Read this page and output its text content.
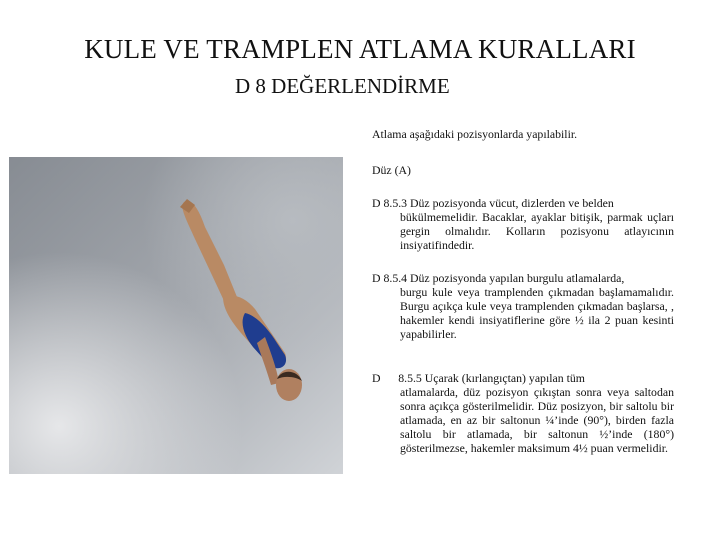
KULE VE TRAMPLEN ATLAMA KURALLARI
D 8 DEĞERLENDİRME
Atlama aşağıdaki pozisyonlarda yapılabilir.
Düz (A)
D 8.5.3 Düz pozisyonda vücut, dizlerden ve belden
bükülmemelidir. Bacaklar, ayaklar bitişik, parmak uçları gergin olmalıdır. Kolların pozisyonu atlayıcının insiyatifindedir.
D 8.5.4 Düz pozisyonda yapılan burgulu atlamalarda,
burgu kule veya tramplenden çıkmadan başlamamalıdır. Burgu açıkça kule veya tramplenden çıkmadan başlarsa, , hakemler kendi insiyatiflerine göre ½ ila 2 puan kesinti yapabilirler.
D 8.5.5 Uçarak (kırlangıçtan) yapılan tüm
atlamalarda, düz pozisyon çıkıştan sonra veya saltodan sonra açıkça gösterilmelidir. Düz posizyon, bir saltolu bir atlamada, en az bir saltonun ¼’inde (90°), birden fazla saltolu bir atlamada, bir saltonun ½’inde (180°) gösterilmezse, hakemler maksimum 4½ puan vermelidir.
